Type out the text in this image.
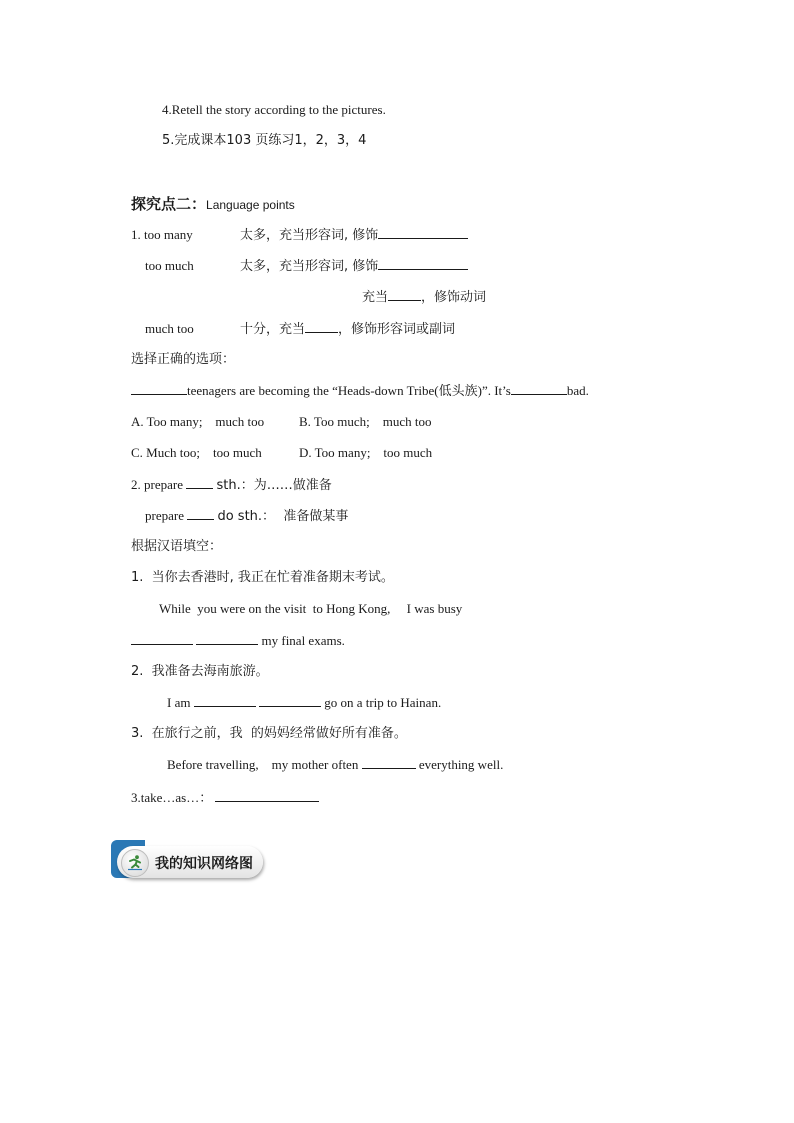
4.Retell the story according to the pictures.
5.完成课本103 页练习1，2，3，4
探究点二：Language points
1. too many	太多，充当形容词, 修饰
too much	太多，充当形容词, 修饰
充当	，修饰动词
much too	十分，充当	，修饰形容词或副词
选择正确的选项：
teenagers are becoming the “Heads-down Tribe(低头族)”. It’s	bad.
A. Too many;    much too	B. Too much;    much too
C. Much too;    too much	D. Too many;    too much
2. prepare	sth.：为……做准备
prepare	do sth.：  准备做某事
根据汉语填空：
1.  当你去香港时, 我正在忙着准备期末考试。
While  you were on the visit  to Hong Kong,     I was busy
my final exams.
2.  我准备去海南旅游。
I am	go on a trip to Hainan.
3.  在旅行之前，我  的妈妈经常做好所有准备。
Before travelling,    my mother often	everything well.
3.take…as…：
我的知识网络图
